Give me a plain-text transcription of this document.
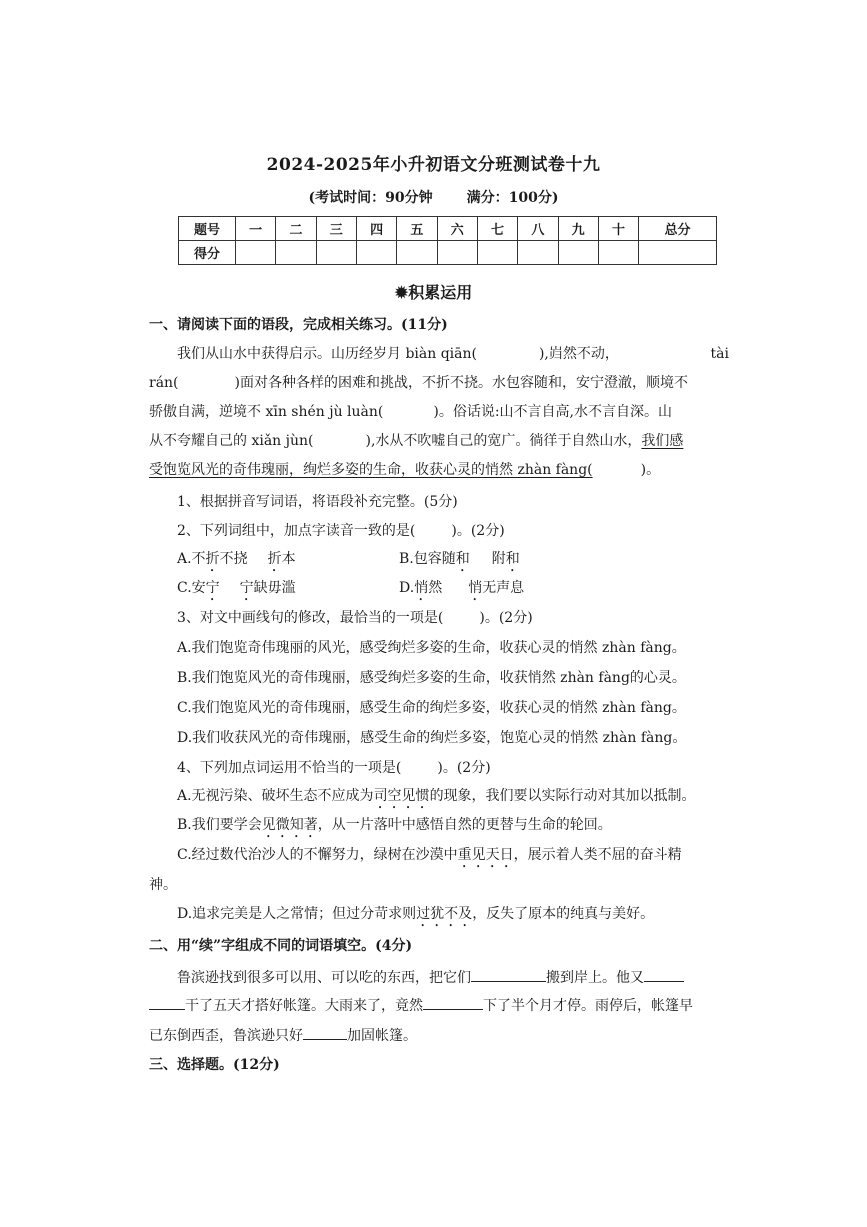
2024-2025年小升初语文分班测试卷十九
(考试时间：90分钟 满分：100分)
题号	一	二	三	四	五	六	七	八	九	十	总分
得分											
✹积累运用
一、请阅读下面的语段，完成相关练习。(11分)
我们从山水中获得启示。山历经岁月 biàn qiān(	),岿然不动，	tài
rán(	)面对各种各样的困难和挑战，不折不挠。水包容随和，安宁澄澈，顺境不
骄傲自满，逆境不 xīn shén jù luàn(	)。俗话说:山不言自高,水不言自深。山
从不夸耀自己的 xiǎn jùn(	),水从不吹嘘自己的宽广。徜徉于自然山水，我们感
受饱览风光的奇伟瑰丽，绚烂多姿的生命，收获心灵的悄然 zhàn fàng(	)。
1、根据拼音写词语，将语段补充完整。(5分)
2、下列词组中，加点字读音一致的是(	)。(2分)
A.不折不挠 折本	B.包容随和 附和
C.安宁 宁缺毋滥	D.悄然 悄无声息
3、对文中画线句的修改，最恰当的一项是(	)。(2分)
A.我们饱览奇伟瑰丽的风光，感受绚烂多姿的生命，收获心灵的悄然 zhàn fàng。
B.我们饱览风光的奇伟瑰丽，感受绚烂多姿的生命，收获悄然 zhàn fàng的心灵。
C.我们饱览风光的奇伟瑰丽，感受生命的绚烂多姿，收获心灵的悄然 zhàn fàng。
D.我们收获风光的奇伟瑰丽，感受生命的绚烂多姿，饱览心灵的悄然 zhàn fàng。
4、下列加点词运用不恰当的一项是(	)。(2分)
A.无视污染、破坏生态不应成为司空见惯的现象，我们要以实际行动对其加以抵制。
B.我们要学会见微知著，从一片落叶中感悟自然的更替与生命的轮回。
C.经过数代治沙人的不懈努力，绿树在沙漠中重见天日，展示着人类不屈的奋斗精
神。
D.追求完美是人之常情；但过分苛求则过犹不及，反失了原本的纯真与美好。
二、用“续”字组成不同的词语填空。(4分)
鲁滨逊找到很多可以用、可以吃的东西，把它们	搬到岸上。他又
干了五天才搭好帐篷。大雨来了，竟然	下了半个月才停。雨停后，帐篷早
已东倒西歪，鲁滨逊只好	加固帐篷。
三、选择题。(12分)
